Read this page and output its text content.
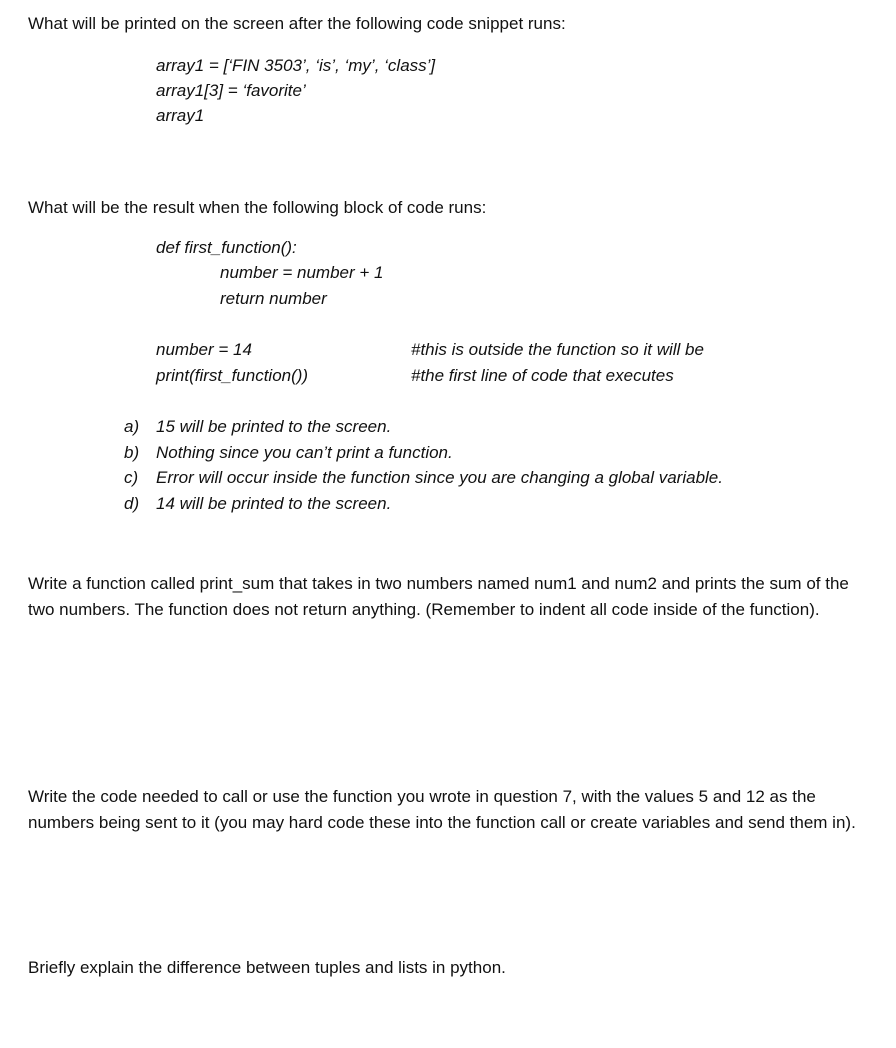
What will be printed on the screen after the following code snippet runs:
array1 = [‘FIN 3503’, ‘is’, ‘my’, ‘class’]
array1[3] = ‘favorite’
array1
What will be the result when the following block of code runs:
def first_function():
number = number + 1
return number
number = 14
print(first_function())
#this is outside the function so it will be
#the first line of code that executes
a) 15 will be printed to the screen.
b) Nothing since you can’t print a function.
c) Error will occur inside the function since you are changing a global variable.
d) 14 will be printed to the screen.
Write a function called print_sum that takes in two numbers named num1 and num2 and prints the sum of the two numbers. The function does not return anything. (Remember to indent all code inside of the function).
Write the code needed to call or use the function you wrote in question 7, with the values 5 and 12 as the numbers being sent to it (you may hard code these into the function call or create variables and send them in).
Briefly explain the difference between tuples and lists in python.
